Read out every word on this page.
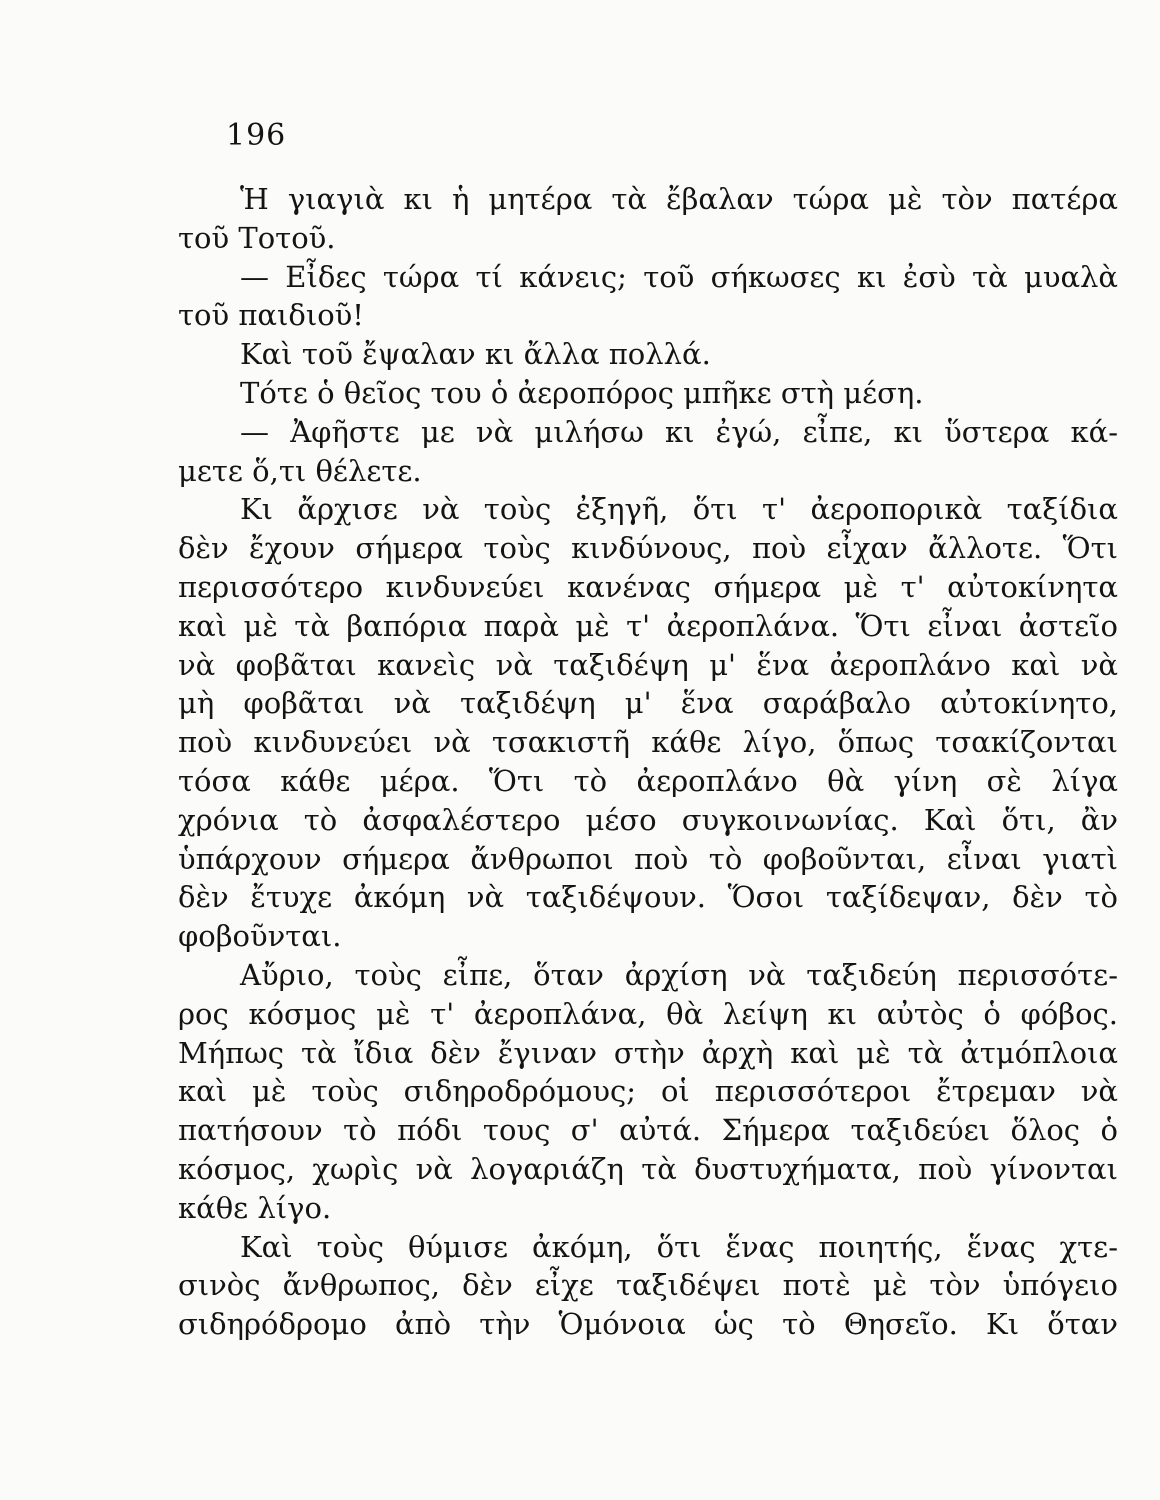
196
Ἡ γιαγιὰ κι ἡ μητέρα τὰ ἔβαλαν τώρα μὲ τὸν πατέρα
τοῦ Τοτοῦ.
— Εἶδες τώρα τί κάνεις; τοῦ σήκωσες κι ἐσὺ τὰ μυαλὰ
τοῦ παιδιοῦ!
Καὶ τοῦ ἔψαλαν κι ἄλλα πολλά.
Τότε ὁ θεῖος του ὁ ἀεροπόρος μπῆκε στὴ μέση.
— Ἀφῆστε με νὰ μιλήσω κι ἐγώ, εἶπε, κι ὕστερα κά-
μετε ὅ,τι θέλετε.
Κι ἄρχισε νὰ τοὺς ἐξηγῆ, ὅτι τ' ἀεροπορικὰ ταξίδια
δὲν ἔχουν σήμερα τοὺς κινδύνους, ποὺ εἶχαν ἄλλοτε. Ὅτι
περισσότερο κινδυνεύει κανένας σήμερα μὲ τ' αὐτοκίνητα
καὶ μὲ τὰ βαπόρια παρὰ μὲ τ' ἀεροπλάνα. Ὅτι εἶναι ἀστεῖο
νὰ φοβᾶται κανεὶς νὰ ταξιδέψη μ' ἕνα ἀεροπλάνο καὶ νὰ
μὴ φοβᾶται νὰ ταξιδέψη μ' ἕνα σαράβαλο αὐτοκίνητο,
ποὺ κινδυνεύει νὰ τσακιστῆ κάθε λίγο, ὅπως τσακίζονται
τόσα κάθε μέρα. Ὅτι τὸ ἀεροπλάνο θὰ γίνη σὲ λίγα
χρόνια τὸ ἀσφαλέστερο μέσο συγκοινωνίας. Καὶ ὅτι, ἂν
ὑπάρχουν σήμερα ἄνθρωποι ποὺ τὸ φοβοῦνται, εἶναι γιατὶ
δὲν ἔτυχε ἀκόμη νὰ ταξιδέψουν. Ὅσοι ταξίδεψαν, δὲν τὸ
φοβοῦνται.
Αὔριο, τοὺς εἶπε, ὅταν ἀρχίση νὰ ταξιδεύη περισσότε-
ρος κόσμος μὲ τ' ἀεροπλάνα, θὰ λείψη κι αὐτὸς ὁ φόβος.
Μήπως τὰ ἴδια δὲν ἔγιναν στὴν ἀρχὴ καὶ μὲ τὰ ἀτμόπλοια
καὶ μὲ τοὺς σιδηροδρόμους; οἱ περισσότεροι ἔτρεμαν νὰ
πατήσουν τὸ πόδι τους σ' αὐτά. Σήμερα ταξιδεύει ὅλος ὁ
κόσμος, χωρὶς νὰ λογαριάζη τὰ δυστυχήματα, ποὺ γίνονται
κάθε λίγο.
Καὶ τοὺς θύμισε ἀκόμη, ὅτι ἕνας ποιητής, ἕνας χτε-
σινὸς ἄνθρωπος, δὲν εἶχε ταξιδέψει ποτὲ μὲ τὸν ὑπόγειο
σιδηρόδρομο ἀπὸ τὴν Ὁμόνοια ὡς τὸ Θησεῖο. Κι ὅταν
